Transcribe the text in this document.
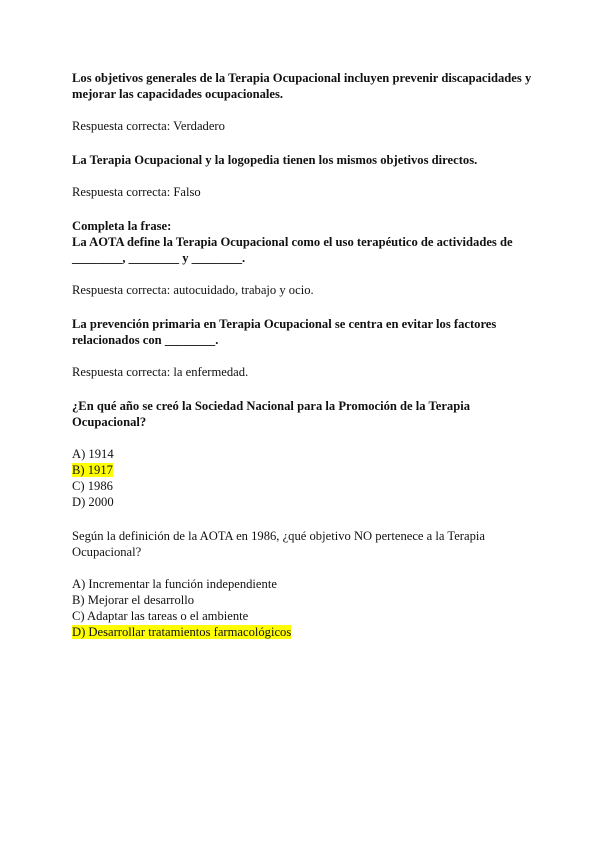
Los objetivos generales de la Terapia Ocupacional incluyen prevenir discapacidades y mejorar las capacidades ocupacionales.

Respuesta correcta: Verdadero

La Terapia Ocupacional y la logopedia tienen los mismos objetivos directos.

Respuesta correcta: Falso

Completa la frase:

La AOTA define la Terapia Ocupacional como el uso terapéutico de actividades de ________, ________ y ________.

Respuesta correcta: autocuidado, trabajo y ocio.

La prevención primaria en Terapia Ocupacional se centra en evitar los factores relacionados con ________.

Respuesta correcta: la enfermedad.

¿En qué año se creó la Sociedad Nacional para la Promoción de la Terapia Ocupacional?

A) 1914
B) 1917
C) 1986
D) 2000

Según la definición de la AOTA en 1986, ¿qué objetivo NO pertenece a la Terapia Ocupacional?

A) Incrementar la función independiente
B) Mejorar el desarrollo
C) Adaptar las tareas o el ambiente
D) Desarrollar tratamientos farmacológicos
